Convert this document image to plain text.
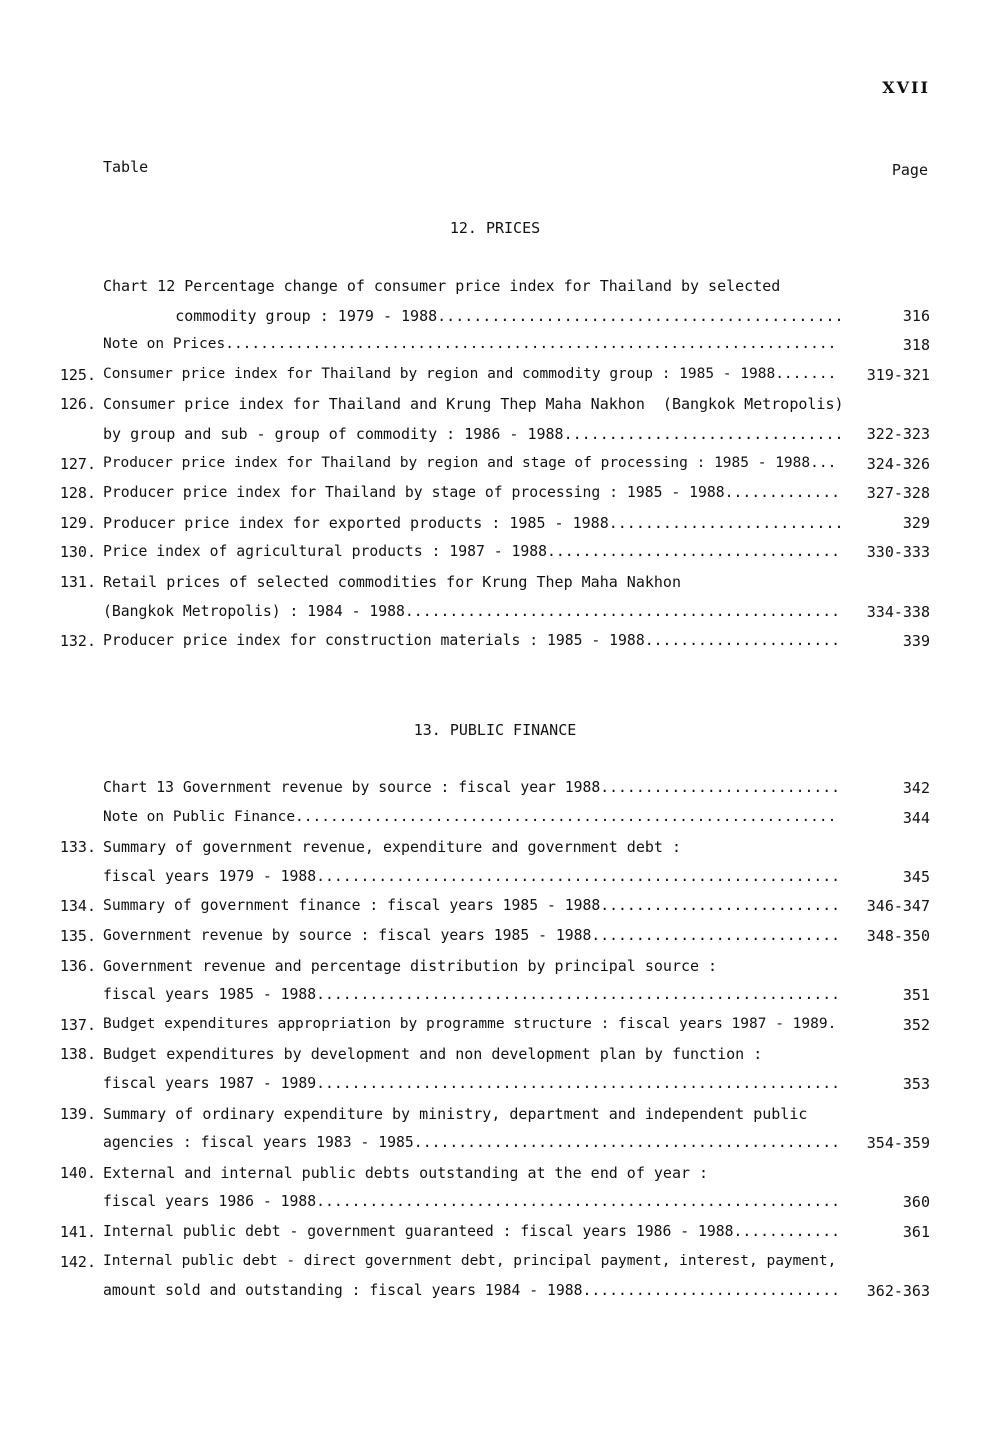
XVII
Table	Page
12. PRICES
Chart 12 Percentage change of consumer price index for Thailand by selected
commodity group : 1979 - 1988.............................................	316
Note on Prices......................................................................	318
125. Consumer price index for Thailand by region and commodity group : 1985 - 1988.......	319-321
126. Consumer price index for Thailand and Krung Thep Maha Nakhon  (Bangkok Metropolis)
by group and sub - group of commodity : 1986 - 1988...............................	322-323
127. Producer price index for Thailand by region and stage of processing : 1985 - 1988...	324-326
128. Producer price index for Thailand by stage of processing : 1985 - 1988.............	327-328
129. Producer price index for exported products : 1985 - 1988..........................	329
130. Price index of agricultural products : 1987 - 1988.................................	330-333
131. Retail prices of selected commodities for Krung Thep Maha Nakhon
(Bangkok Metropolis) : 1984 - 1988.................................................	334-338
132. Producer price index for construction materials : 1985 - 1988......................	339
13. PUBLIC FINANCE
Chart 13 Government revenue by source : fiscal year 1988...........................	342
Note on Public Finance..............................................................	344
133. Summary of government revenue, expenditure and government debt :
fiscal years 1979 - 1988...........................................................	345
134. Summary of government finance : fiscal years 1985 - 1988...........................	346-347
135. Government revenue by source : fiscal years 1985 - 1988............................	348-350
136. Government revenue and percentage distribution by principal source :
fiscal years 1985 - 1988...........................................................	351
137. Budget expenditures appropriation by programme structure : fiscal years 1987 - 1989.	352
138. Budget expenditures by development and non development plan by function :
fiscal years 1987 - 1989...........................................................	353
139. Summary of ordinary expenditure by ministry, department and independent public
agencies : fiscal years 1983 - 1985................................................	354-359
140. External and internal public debts outstanding at the end of year :
fiscal years 1986 - 1988...........................................................	360
141. Internal public debt - government guaranteed : fiscal years 1986 - 1988............	361
142. Internal public debt - direct government debt, principal payment, interest, payment,
amount sold and outstanding : fiscal years 1984 - 1988.............................	362-363
